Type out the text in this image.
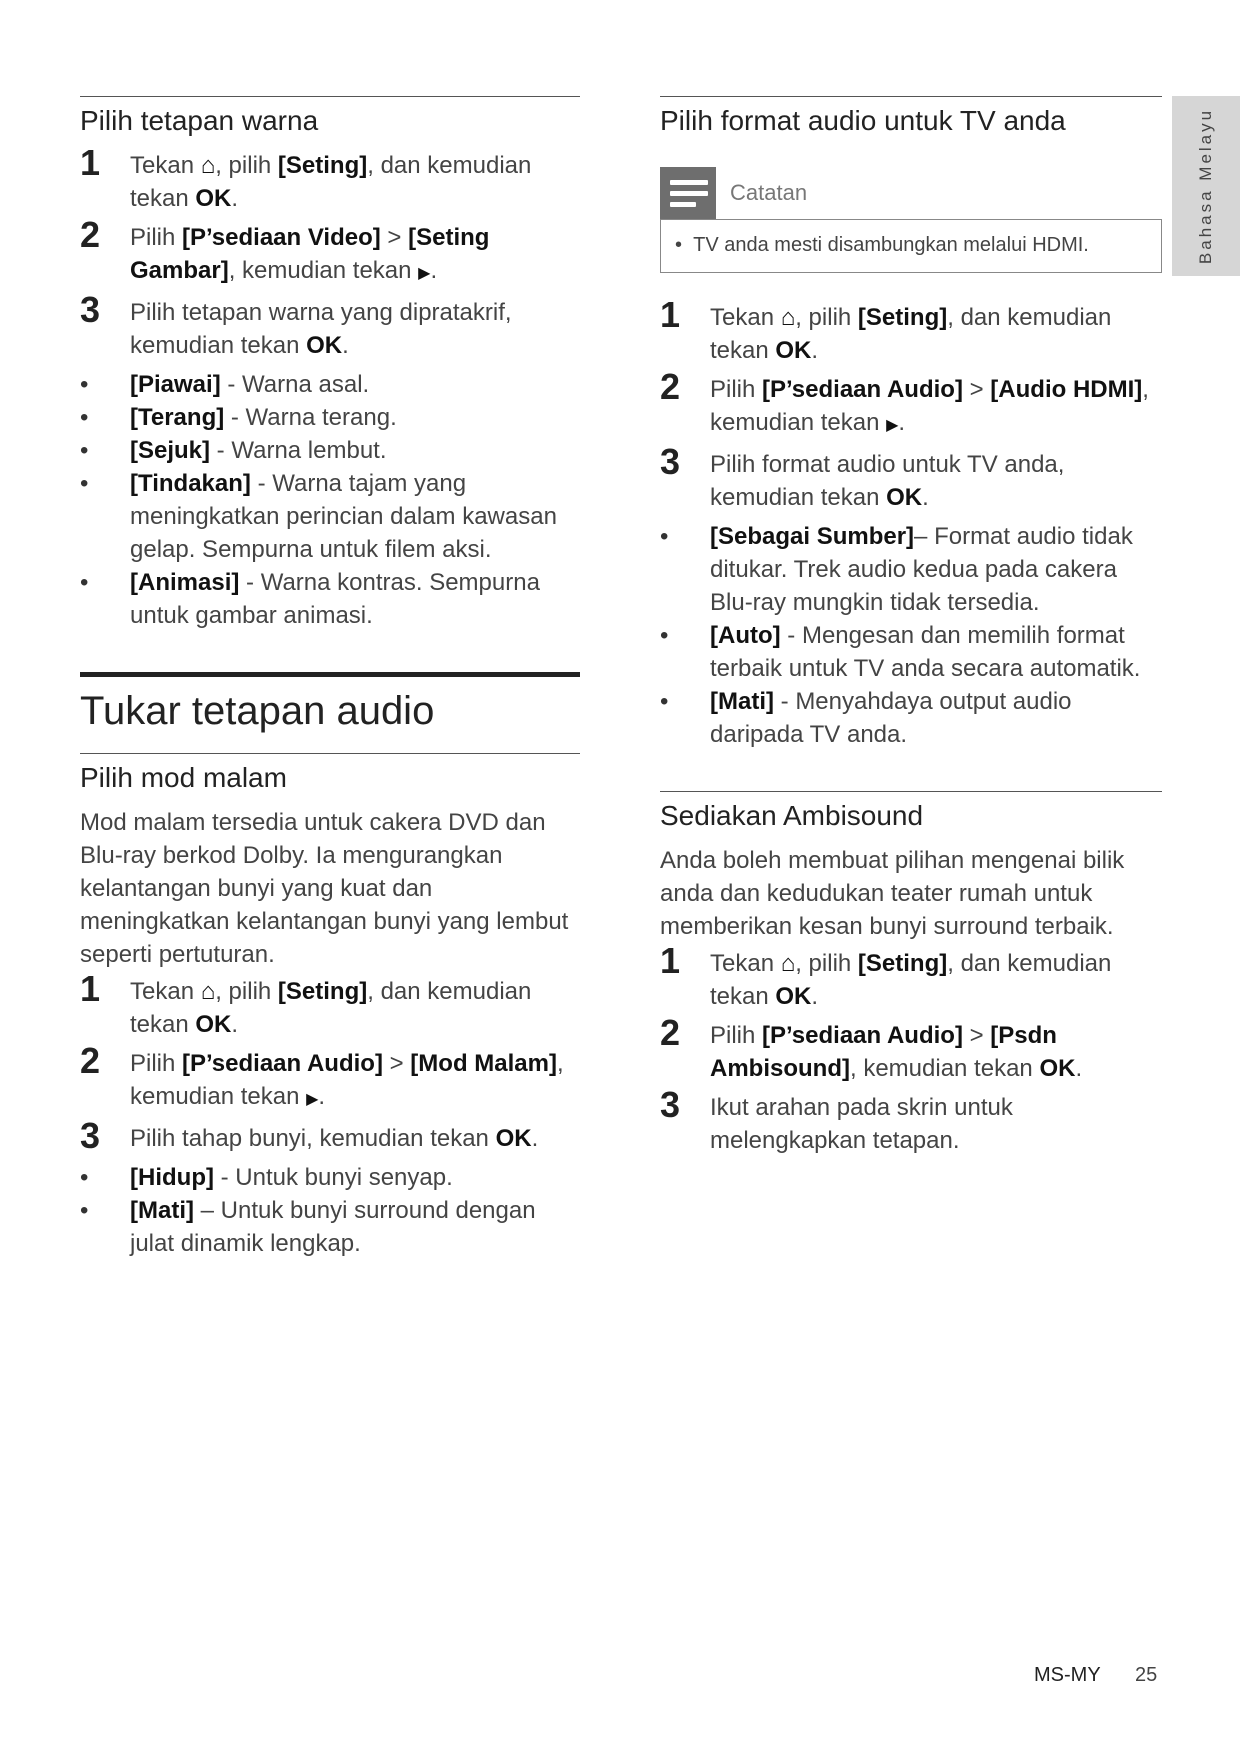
Bahasa Melayu
Pilih tetapan warna
1 Tekan ⌂, pilih [Seting], dan kemudian tekan OK.
2 Pilih [P’sediaan Video] > [Seting Gambar], kemudian tekan ▶.
3 Pilih tetapan warna yang dipratakrif, kemudian tekan OK.
• [Piawai] - Warna asal.
• [Terang] - Warna terang.
• [Sejuk] - Warna lembut.
• [Tindakan] - Warna tajam yang meningkatkan perincian dalam kawasan gelap. Sempurna untuk filem aksi.
• [Animasi] - Warna kontras. Sempurna untuk gambar animasi.
Tukar tetapan audio
Pilih mod malam

Mod malam tersedia untuk cakera DVD dan Blu-ray berkod Dolby. Ia mengurangkan kelantangan bunyi yang kuat dan meningkatkan kelantangan bunyi yang lembut seperti pertuturan.

1 Tekan ⌂, pilih [Seting], dan kemudian tekan OK.
2 Pilih [P’sediaan Audio] > [Mod Malam], kemudian tekan ▶.
3 Pilih tahap bunyi, kemudian tekan OK.
• [Hidup] - Untuk bunyi senyap.
• [Mati] – Untuk bunyi surround dengan julat dinamik lengkap.
Pilih format audio untuk TV anda
Catatan
•  TV anda mesti disambungkan melalui HDMI.
1 Tekan ⌂, pilih [Seting], dan kemudian tekan OK.
2 Pilih [P’sediaan Audio] > [Audio HDMI], kemudian tekan ▶.
3 Pilih format audio untuk TV anda, kemudian tekan OK.
• [Sebagai Sumber]– Format audio tidak ditukar. Trek audio kedua pada cakera Blu-ray mungkin tidak tersedia.
• [Auto] - Mengesan dan memilih format terbaik untuk TV anda secara automatik.
• [Mati] - Menyahdaya output audio daripada TV anda.
Sediakan Ambisound

Anda boleh membuat pilihan mengenai bilik anda dan kedudukan teater rumah untuk memberikan kesan bunyi surround terbaik.

1 Tekan ⌂, pilih [Seting], dan kemudian tekan OK.
2 Pilih [P’sediaan Audio] > [Psdn Ambisound], kemudian tekan OK.
3 Ikut arahan pada skrin untuk melengkapkan tetapan.
MS-MY 25
